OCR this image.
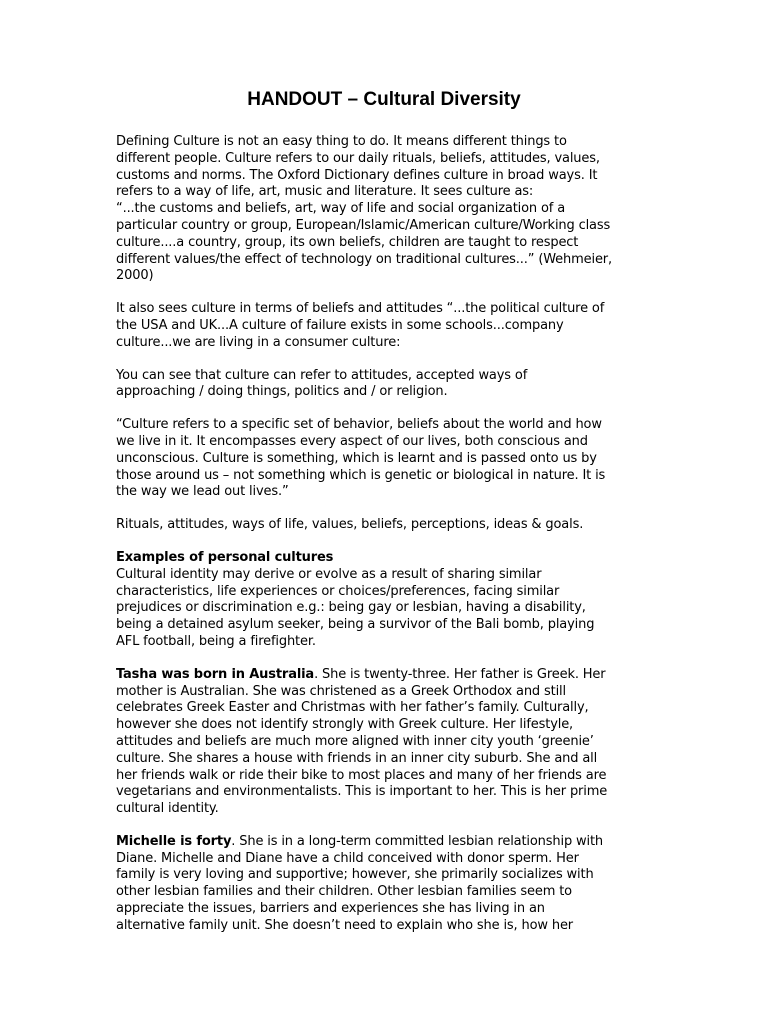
HANDOUT – Cultural Diversity

Defining Culture is not an easy thing to do. It means different things to
different people. Culture refers to our daily rituals, beliefs, attitudes, values,
customs and norms. The Oxford Dictionary defines culture in broad ways. It
refers to a way of life, art, music and literature. It sees culture as:
“...the customs and beliefs, art, way of life and social organization of a
particular country or group, European/Islamic/American culture/Working class
culture....a country, group, its own beliefs, children are taught to respect
different values/the effect of technology on traditional cultures...” (Wehmeier,
2000)

It also sees culture in terms of beliefs and attitudes “...the political culture of
the USA and UK...A culture of failure exists in some schools...company
culture...we are living in a consumer culture:

You can see that culture can refer to attitudes, accepted ways of
approaching / doing things, politics and / or religion.

“Culture refers to a specific set of behavior, beliefs about the world and how
we live in it. It encompasses every aspect of our lives, both conscious and
unconscious. Culture is something, which is learnt and is passed onto us by
those around us – not something which is genetic or biological in nature. It is
the way we lead out lives.”

Rituals, attitudes, ways of life, values, beliefs, perceptions, ideas & goals.

Examples of personal cultures
Cultural identity may derive or evolve as a result of sharing similar
characteristics, life experiences or choices/preferences, facing similar
prejudices or discrimination e.g.: being gay or lesbian, having a disability,
being a detained asylum seeker, being a survivor of the Bali bomb, playing
AFL football, being a firefighter.

Tasha was born in Australia. She is twenty-three. Her father is Greek. Her
mother is Australian. She was christened as a Greek Orthodox and still
celebrates Greek Easter and Christmas with her father’s family. Culturally,
however she does not identify strongly with Greek culture. Her lifestyle,
attitudes and beliefs are much more aligned with inner city youth ‘greenie’
culture. She shares a house with friends in an inner city suburb. She and all
her friends walk or ride their bike to most places and many of her friends are
vegetarians and environmentalists. This is important to her. This is her prime
cultural identity.

Michelle is forty. She is in a long-term committed lesbian relationship with
Diane. Michelle and Diane have a child conceived with donor sperm. Her
family is very loving and supportive; however, she primarily socializes with
other lesbian families and their children. Other lesbian families seem to
appreciate the issues, barriers and experiences she has living in an
alternative family unit. She doesn’t need to explain who she is, how her
